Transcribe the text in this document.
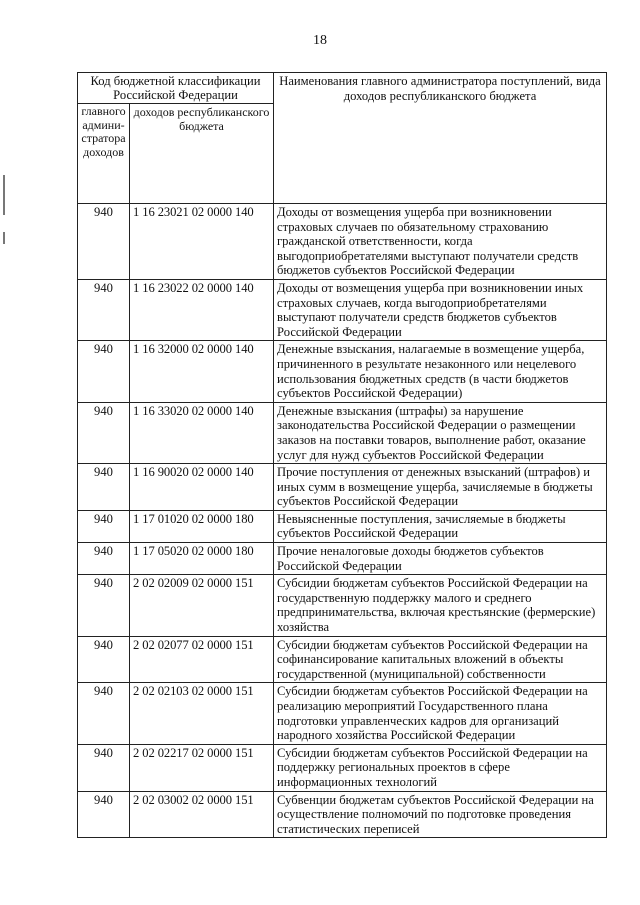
18
Код бюджетной классификации Российской Федерации		Наименования главного администратора поступлений, вида доходов республиканского бюджета
главного админи-стратора доходов	доходов республиканского бюджета	
940	1 16 23021 02 0000 140	Доходы от возмещения ущерба при возникновении страховых случаев по обязательному страхованию гражданской ответственности, когда выгодоприобретателями выступают получатели средств бюджетов субъектов Российской Федерации
940	1 16 23022 02 0000 140	Доходы от возмещения ущерба при возникновении иных страховых случаев, когда выгодоприобретателями выступают получатели средств бюджетов субъектов Российской Федерации
940	1 16 32000 02 0000 140	Денежные взыскания, налагаемые в возмещение ущерба, причиненного в результате незаконного или нецелевого использования бюджетных средств (в части бюджетов субъектов Российской Федерации)
940	1 16 33020 02 0000 140	Денежные взыскания (штрафы) за нарушение законодательства Российской Федерации о размещении заказов на поставки товаров, выполнение работ, оказание услуг для нужд субъектов Российской Федерации
940	1 16 90020 02 0000 140	Прочие поступления от денежных взысканий (штрафов) и иных сумм в возмещение ущерба, зачисляемые в бюджеты субъектов Российской Федерации
940	1 17 01020 02 0000 180	Невыясненные поступления, зачисляемые в бюджеты субъектов Российской Федерации
940	1 17 05020 02 0000 180	Прочие неналоговые доходы бюджетов субъектов Российской Федерации
940	2 02 02009 02 0000 151	Субсидии бюджетам субъектов Российской Федерации на государственную поддержку малого и среднего предпринимательства, включая крестьянские (фермерские) хозяйства
940	2 02 02077 02 0000 151	Субсидии бюджетам субъектов Российской Федерации на софинансирование капитальных вложений в объекты государственной (муниципальной) собственности
940	2 02 02103 02 0000 151	Субсидии бюджетам субъектов Российской Федерации на реализацию мероприятий Государственного плана подготовки управленческих кадров для организаций народного хозяйства Российской Федерации
940	2 02 02217 02 0000 151	Субсидии бюджетам субъектов Российской Федерации на поддержку региональных проектов в сфере информационных технологий
940	2 02 03002 02 0000 151	Субвенции бюджетам субъектов Российской Федерации на осуществление полномочий по подготовке проведения статистических переписей
